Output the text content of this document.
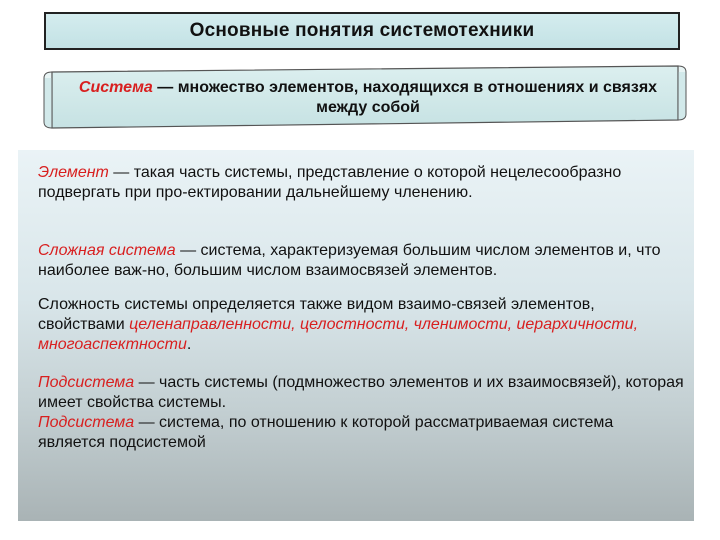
Основные понятия системотехники
Система — множество элементов, находящихся в отношениях и связях между собой

Элемент — такая часть системы, представление о которой нецелесообразно подвергать при про-ектировании дальнейшему членению.

Сложная система — система, характеризуемая большим числом элементов и, что наиболее важ-но, большим числом взаимосвязей элементов.

Сложность системы определяется также видом взаимо-связей элементов, свойствами целенаправленности, целостности, членимости, иерархичности, многоаспектности.

Подсистема — часть системы (подмножество элементов и их взаимосвязей), которая имеет свойства системы.
Подсистема — система, по отношению к которой рассматриваемая система является подсистемой
